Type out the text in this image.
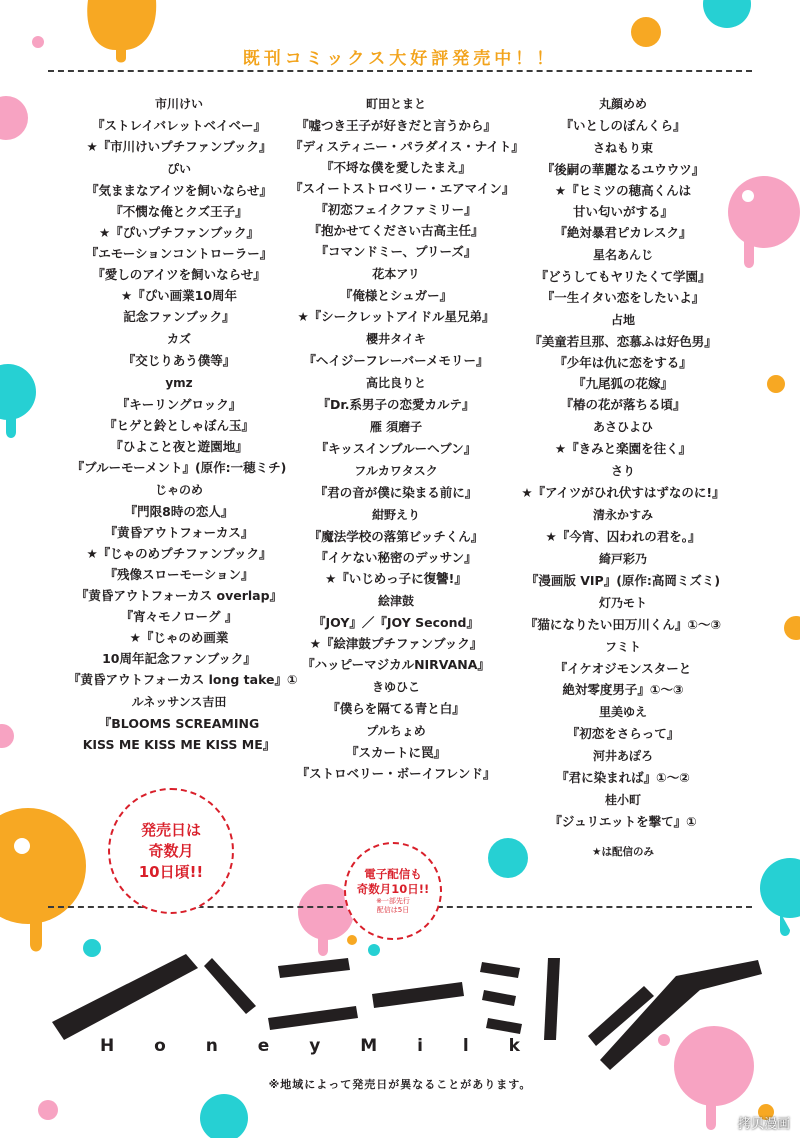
既刊コミックス大好評発売中！！
市川けい
『ストレイバレットベイベー』
★『市川けいプチファンブック』
ぴい
『気ままなアイツを飼いならせ』
『不憫な俺とクズ王子』
★『ぴいプチファンブック』
『エモーションコントローラー』
『愛しのアイツを飼いならせ』
★『ぴい画業10周年
記念ファンブック』
カズ
『交じりあう僕等』
ymz
『キーリングロック』
『ヒゲと鈴としゃぼん玉』
『ひよこと夜と遊園地』
『ブルーモーメント』(原作:一穂ミチ)
じゃのめ
『門限8時の恋人』
『黄昏アウトフォーカス』
★『じゃのめプチファンブック』
『残像スローモーション』
『黄昏アウトフォーカス overlap』
『宵々モノローグ 』
★『じゃのめ画業
10周年記念ファンブック』
『黄昏アウトフォーカス long take』①
ルネッサンス吉田
『BLOOMS SCREAMING
KISS ME KISS ME KISS ME』
町田とまと
『嘘つき王子が好きだと言うから』
『ディスティニー・パラダイス・ナイト』
『不埒な僕を愛したまえ』
『スイートストロベリー・エアマイン』
『初恋フェイクファミリー』
『抱かせてください古高主任』
『コマンドミー、プリーズ』
花本アリ
『俺様とシュガー』
★『シークレットアイドル星兄弟』
櫻井タイキ
『ヘイジーフレーバーメモリー』
高比良りと
『Dr.系男子の恋愛カルテ』
雁 須磨子
『キッスインブルーヘブン』
フルカワタスク
『君の音が僕に染まる前に』
紺野えり
『魔法学校の落第ビッチくん』
『イケない秘密のデッサン』
★『いじめっ子に復讐!』
絵津鼓
『JOY』／『JOY Second』
★『絵津鼓プチファンブック』
『ハッピーマジカルNIRVANA』
きゆひこ
『僕らを隔てる青と白』
プルちょめ
『スカートに罠』
『ストロベリー・ボーイフレンド』
丸顔めめ
『いとしのぼんくら』
さねもり束
『後嗣の華麗なるユウウツ』
★『ヒミツの穂高くんは
甘い匂いがする』
『絶対暴君ピカレスク』
星名あんじ
『どうしてもヤリたくて学園』
『一生イタい恋をしたいよ』
占地
『美童若旦那、恋慕ふは好色男』
『少年は仇に恋をする』
『九尾狐の花嫁』
『椿の花が落ちる頃』
あさひよひ
★『きみと楽園を往く』
さり
★『アイツがひれ伏すはずなのに!』
清永かすみ
★『今宵、囚われの君を。』
綺戸彩乃
『漫画版 VIP』(原作:高岡ミズミ)
灯乃モト
『猫になりたい田万川くん』①～③
フミト
『イケオジモンスターと
絶対零度男子』①～③
里美ゆえ
『初恋をさらって』
河井あぽろ
『君に染まれば』①～②
桂小町
『ジュリエットを撃て』①
★は配信のみ
発売日は
奇数月
10日頃!!	電子配信も
奇数月10日!!
※一部先行
配信は5日
H o n e y M i l k
※地域によって発売日が異なることがあります。
拷贝漫画
